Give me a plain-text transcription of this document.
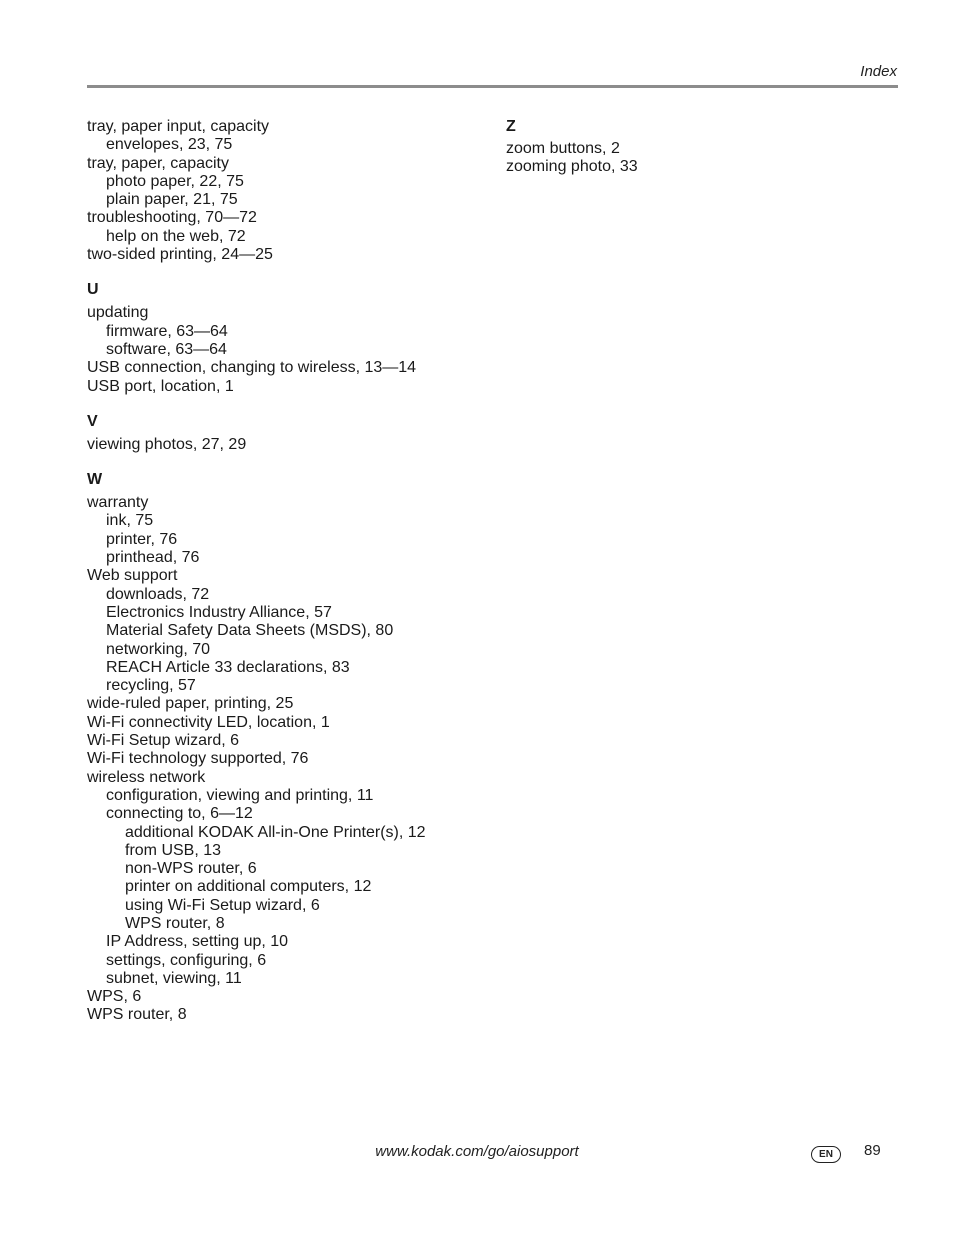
Index
tray, paper input, capacity
envelopes, 23, 75
tray, paper, capacity
photo paper, 22, 75
plain paper, 21, 75
troubleshooting, 70—72
help on the web, 72
two-sided printing, 24—25
U
updating
firmware, 63—64
software, 63—64
USB connection, changing to wireless, 13—14
USB port, location, 1
V
viewing photos, 27, 29
W
warranty
ink, 75
printer, 76
printhead, 76
Web support
downloads, 72
Electronics Industry Alliance, 57
Material Safety Data Sheets (MSDS), 80
networking, 70
REACH Article 33 declarations, 83
recycling, 57
wide-ruled paper, printing, 25
Wi-Fi connectivity LED, location, 1
Wi-Fi Setup wizard, 6
Wi-Fi technology supported, 76
wireless network
configuration, viewing and printing, 11
connecting to, 6—12
additional KODAK All-in-One Printer(s), 12
from USB, 13
non-WPS router, 6
printer on additional computers, 12
using Wi-Fi Setup wizard, 6
WPS router, 8
IP Address, setting up, 10
settings, configuring, 6
subnet, viewing, 11
WPS, 6
WPS router, 8
Z
zoom buttons, 2
zooming photo, 33
www.kodak.com/go/aiosupport	EN	89
